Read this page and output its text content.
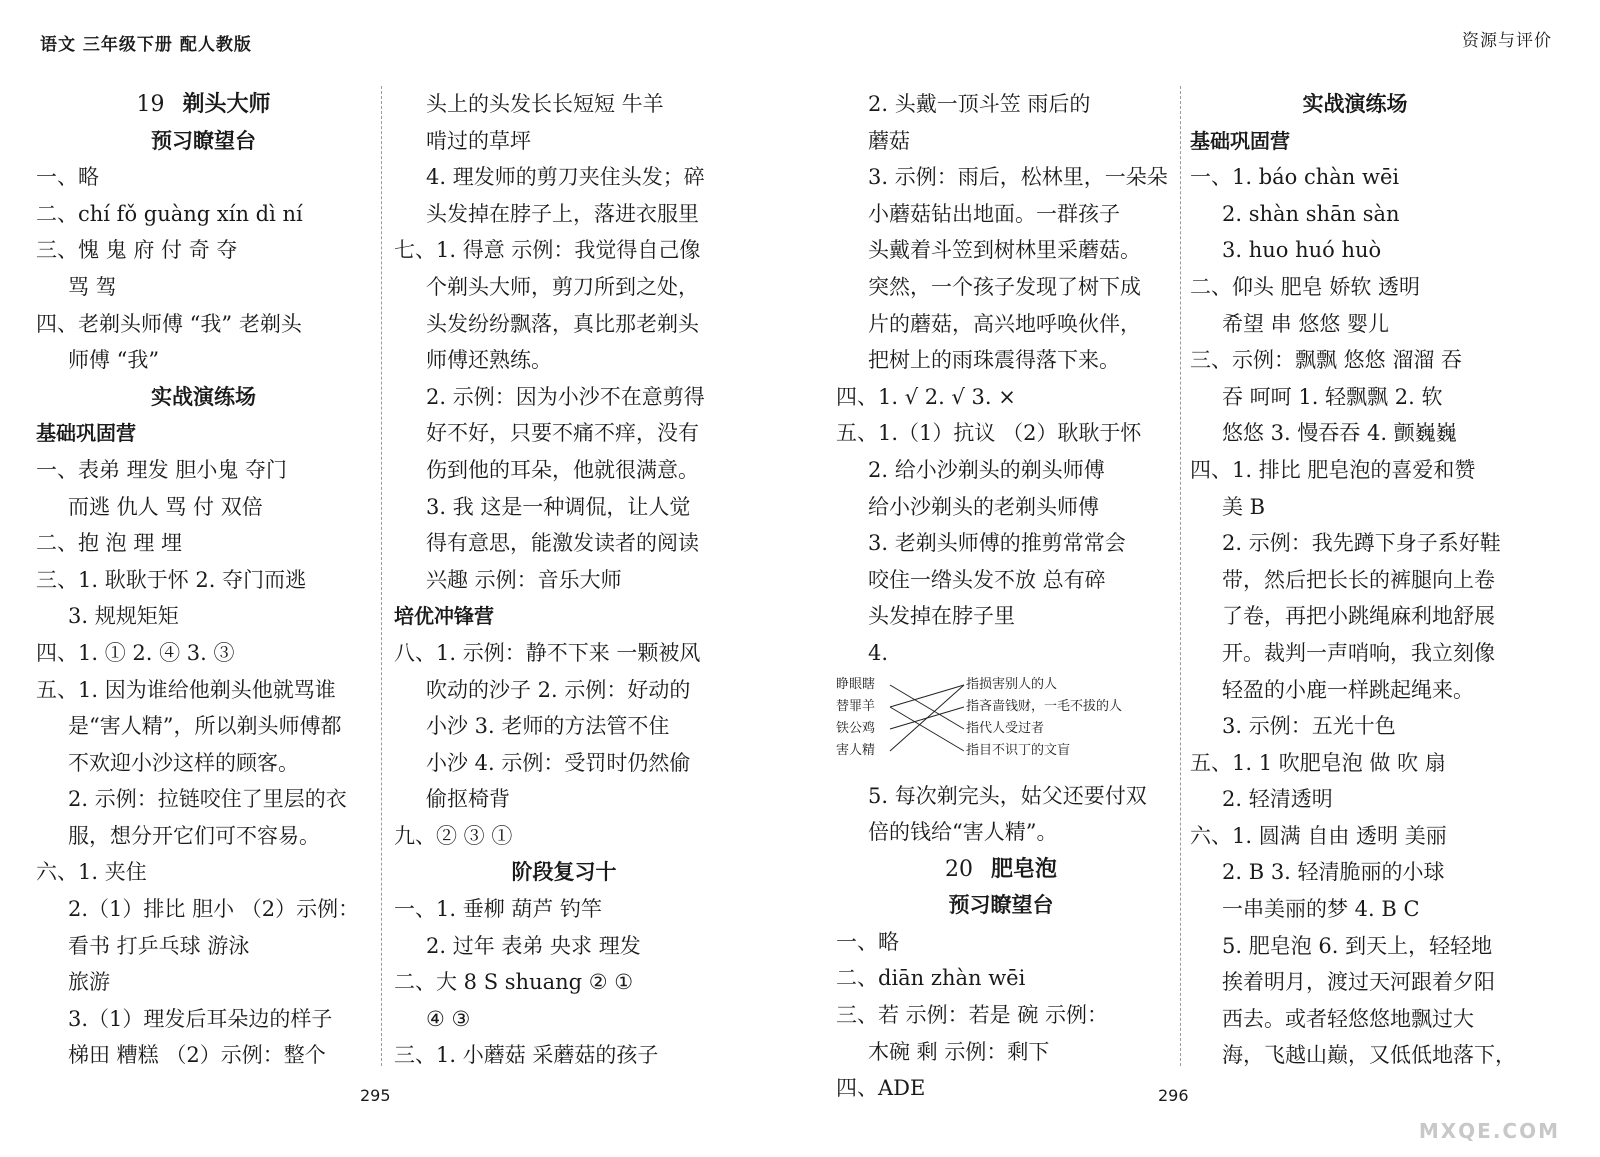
语文 三年级下册 配人教版	资源与评价
19 剃头大师
预习瞭望台
一、略
二、chí fǒ guàng xín dì ní
三、愧 鬼 府 付 奇 夺
骂 驾
四、老剃头师傅 “我” 老剃头
师傅 “我”
实战演练场
基础巩固营
一、表弟 理发 胆小鬼 夺门
而逃 仇人 骂 付 双倍
二、抱 泡 理 埋
三、1. 耿耿于怀 2. 夺门而逃
3. 规规矩矩
四、1. ① 2. ④ 3. ③
五、1. 因为谁给他剃头他就骂谁
是“害人精”，所以剃头师傅都
不欢迎小沙这样的顾客。
2. 示例：拉链咬住了里层的衣
服，想分开它们可不容易。
六、1. 夹住
2.（1）排比 胆小 （2）示例：
看书 打乒乓球 游泳
旅游
3.（1）理发后耳朵边的样子
梯田 糟糕 （2）示例：整个
头上的头发长长短短 牛羊
啃过的草坪
4. 理发师的剪刀夹住头发；碎
头发掉在脖子上，落进衣服里
七、1. 得意 示例：我觉得自己像
个剃头大师，剪刀所到之处，
头发纷纷飘落，真比那老剃头
师傅还熟练。
2. 示例：因为小沙不在意剪得
好不好，只要不痛不痒，没有
伤到他的耳朵，他就很满意。
3. 我 这是一种调侃，让人觉
得有意思，能激发读者的阅读
兴趣 示例：音乐大师
培优冲锋营
八、1. 示例：静不下来 一颗被风
吹动的沙子 2. 示例：好动的
小沙 3. 老师的方法管不住
小沙 4. 示例：受罚时仍然偷
偷抠椅背
九、② ③ ①
阶段复习十
一、1. 垂柳 葫芦 钓竿
2. 过年 表弟 央求 理发
二、大 8 S shuang ② ①
④ ③
三、1. 小蘑菇 采蘑菇的孩子
2. 头戴一顶斗笠 雨后的
蘑菇
3. 示例：雨后，松林里，一朵朵
小蘑菇钻出地面。一群孩子
头戴着斗笠到树林里采蘑菇。
突然，一个孩子发现了树下成
片的蘑菇，高兴地呼唤伙伴，
把树上的雨珠震得落下来。
四、1. √ 2. √ 3. ×
五、1.（1）抗议 （2）耿耿于怀
2. 给小沙剃头的剃头师傅
给小沙剃头的老剃头师傅
3. 老剃头师傅的推剪常常会
咬住一绺头发不放 总有碎
头发掉在脖子里
4.
睁眼瞎
替罪羊
铁公鸡
害人精
指损害别人的人
指吝啬钱财，一毛不拔的人
指代人受过者
指目不识丁的文盲
5. 每次剃完头，姑父还要付双
倍的钱给“害人精”。
20 肥皂泡
预习瞭望台
一、略
二、diān zhàn wēi
三、若 示例：若是 碗 示例：
木碗 剩 示例：剩下
四、ADE
实战演练场
基础巩固营
一、1. báo chàn wēi
2. shàn shān sàn
3. huo huó huò
二、仰头 肥皂 娇软 透明
希望 串 悠悠 婴儿
三、示例：飘飘 悠悠 溜溜 吞
吞 呵呵 1. 轻飘飘 2. 软
悠悠 3. 慢吞吞 4. 颤巍巍
四、1. 排比 肥皂泡的喜爱和赞
美 B
2. 示例：我先蹲下身子系好鞋
带，然后把长长的裤腿向上卷
了卷，再把小跳绳麻利地舒展
开。裁判一声哨响，我立刻像
轻盈的小鹿一样跳起绳来。
3. 示例：五光十色
五、1. 1 吹肥皂泡 做 吹 扇
2. 轻清透明
六、1. 圆满 自由 透明 美丽
2. B 3. 轻清脆丽的小球
一串美丽的梦 4. B C
5. 肥皂泡 6. 到天上，轻轻地
挨着明月，渡过天河跟着夕阳
西去。或者轻悠悠地飘过大
海，飞越山巅，又低低地落下，
295	296
MXQE.COM
